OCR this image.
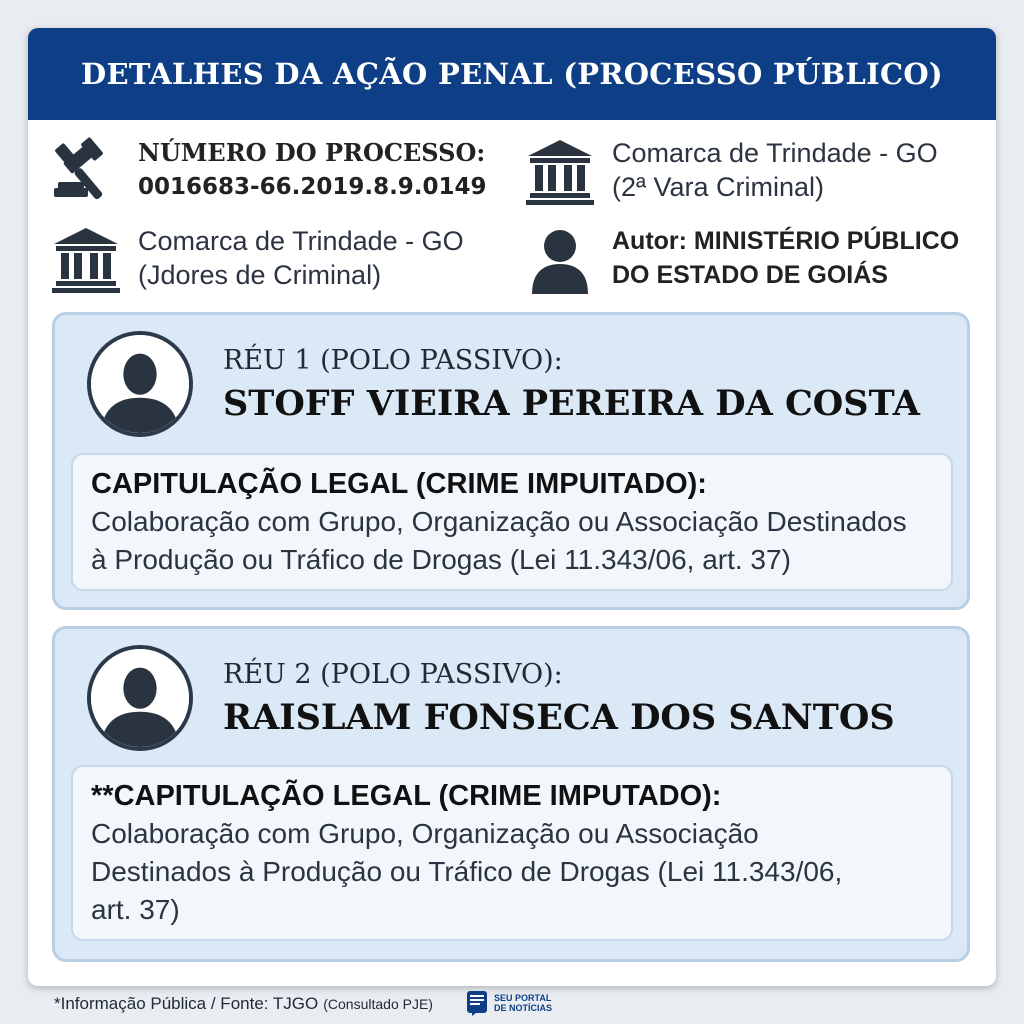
DETALHES DA AÇÃO PENAL (PROCESSO PÚBLICO)
NÚMERO DO PROCESSO:
0016683-66.2019.8.9.0149
Comarca de Trindade - GO
(2ª Vara Criminal)
Comarca de Trindade - GO
(Jdores de Criminal)
Autor: MINISTÉRIO PÚBLICO
DO ESTADO DE GOIÁS
RÉU 1 (POLO PASSIVO):
STOFF VIEIRA PEREIRA DA COSTA
CAPITULAÇÃO LEGAL (CRIME IMPUITADO):
Colaboração com Grupo, Organização ou Associação Destinados
à Produção ou Tráfico de Drogas (Lei 11.343/06, art. 37)
RÉU 2 (POLO PASSIVO):
RAISLAM FONSECA DOS SANTOS
**CAPITULAÇÃO LEGAL (CRIME IMPUTADO):
Colaboração com Grupo, Organização ou Associação
Destinados à Produção ou Tráfico de Drogas (Lei 11.343/06,
art. 37)
*Informação Pública / Fonte: TJGO (Consultado PJE)	SEU PORTAL
DE NOTÍCIAS
